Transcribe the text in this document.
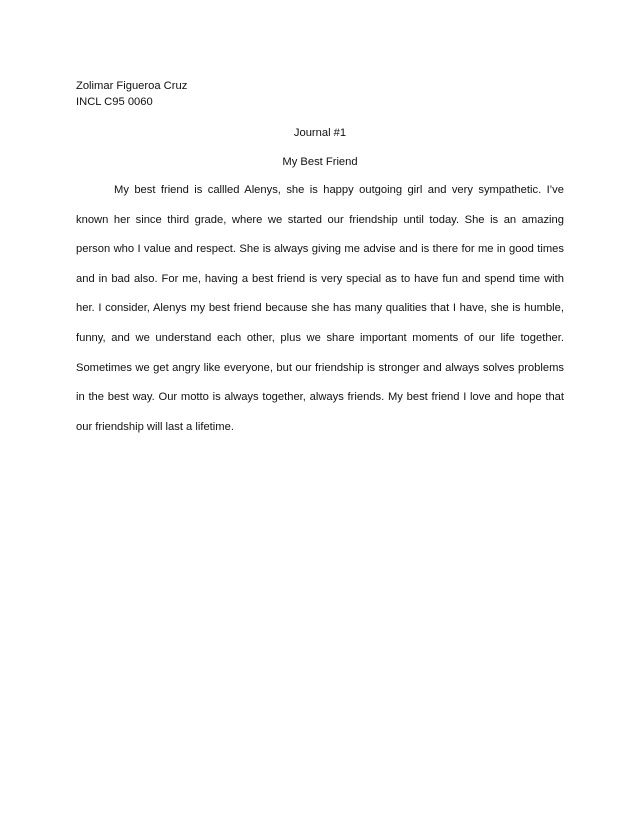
Zolimar Figueroa Cruz
INCL C95 0060
Journal #1
My Best Friend

My best friend is callled Alenys, she is happy outgoing girl and very sympathetic. I’ve known her since third grade, where we started our friendship until today. She is an amazing person who I value and respect. She is always giving me advise and is there for me in good times and in bad also. For me, having a best friend is very special as to have fun and spend time with her. I consider, Alenys my best friend because she has many qualities that I have, she is humble, funny, and we understand each other, plus we share important moments of our life together. Sometimes we get angry like everyone, but our friendship is stronger and always solves problems in the best way. Our motto is always together, always friends. My best friend I love and hope that our friendship will last a lifetime.
